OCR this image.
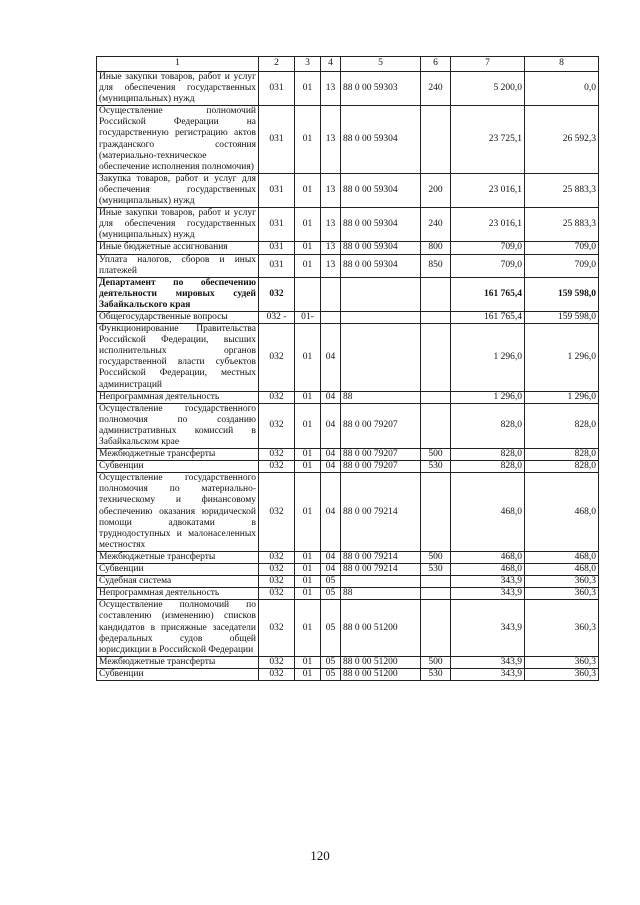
1	2	3	4	5	6	7	8
Иные закупки товаров, работ и услуг для обеспечения государственных (муниципальных) нужд	031	01	13	88 0 00 59303	240	5 200,0	0,0
Осуществление полномочий Российской Федерации на государственную регистрацию актов гражданского состояния (материально-техническое обеспечение исполнения полномочия)	031	01	13	88 0 00 59304		23 725,1	26 592,3
Закупка товаров, работ и услуг для обеспечения государственных (муниципальных) нужд	031	01	13	88 0 00 59304	200	23 016,1	25 883,3
Иные закупки товаров, работ и услуг для обеспечения государственных (муниципальных) нужд	031	01	13	88 0 00 59304	240	23 016,1	25 883,3
Иные бюджетные ассигнования	031	01	13	88 0 00 59304	800	709,0	709,0
Уплата налогов, сборов и иных платежей	031	01	13	88 0 00 59304	850	709,0	709,0
Департамент по обеспечению деятельности мировых судей Забайкальского края	032					161 765,4	159 598,0
Общегосударственные вопросы	032 -	01-				161 765,4	159 598,0
Функционирование Правительства Российской Федерации, высших исполнительных органов государственной власти субъектов Российской Федерации, местных администраций	032	01	04			1 296,0	1 296,0
Непрограммная деятельность	032	01	04	88		1 296,0	1 296,0
Осуществление государственного полномочия по созданию административных комиссий в Забайкальском крае	032	01	04	88 0 00 79207		828,0	828,0
Межбюджетные трансферты	032	01	04	88 0 00 79207	500	828,0	828,0
Субвенции	032	01	04	88 0 00 79207	530	828,0	828,0
Осуществление государственного полномочия по материально-техническому и финансовому обеспечению оказания юридической помощи адвокатами в труднодоступных и малонаселенных местностях	032	01	04	88 0 00 79214		468,0	468,0
Межбюджетные трансферты	032	01	04	88 0 00 79214	500	468,0	468,0
Субвенции	032	01	04	88 0 00 79214	530	468,0	468,0
Судебная система	032	01	05			343,9	360,3
Непрограммная деятельность	032	01	05	88		343,9	360,3
Осуществление полномочий по составлению (изменению) списков кандидатов в присяжные заседатели федеральных судов общей юрисдикции в Российской Федерации	032	01	05	88 0 00 51200		343,9	360,3
Межбюджетные трансферты	032	01	05	88 0 00 51200	500	343,9	360,3
Субвенции	032	01	05	88 0 00 51200	530	343,9	360,3
120
